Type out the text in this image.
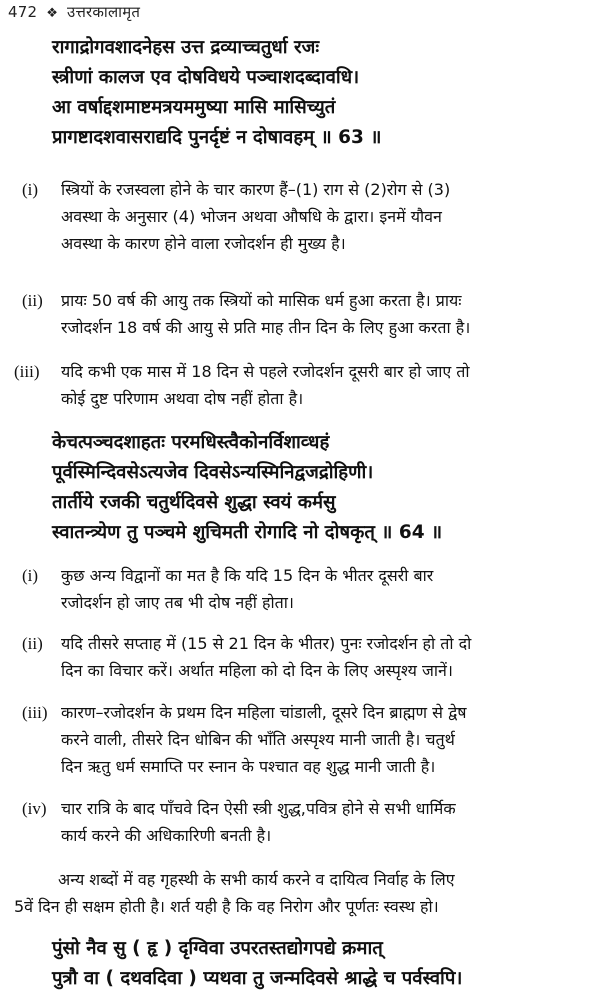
472 ❖ उत्तरकालामृत
रागाद्रोगवशादनेहस उत्त द्रव्याच्चतुर्धा रजः
स्त्रीणां कालज एव दोषविधये पञ्चाशदब्दावधि।
आ वर्षाद्दशमाष्टमत्रयममुष्या मासि मासिच्युतं
प्रागष्टादशवासराद्यदि पुनर्दृष्टं न दोषावहम् ॥ 63 ॥
(i)	स्त्रियों के रजस्वला होने के चार कारण हैं–(1) राग से (2)रोग से (3)
अवस्था के अनुसार (4) भोजन अथवा औषधि के द्वारा। इनमें यौवन
अवस्था के कारण होने वाला रजोदर्शन ही मुख्य है।
(ii)	प्रायः 50 वर्ष की आयु तक स्त्रियों को मासिक धर्म हुआ करता है। प्रायः
रजोदर्शन 18 वर्ष की आयु से प्रति माह तीन दिन के लिए हुआ करता है।
(iii)	यदि कभी एक मास में 18 दिन से पहले रजोदर्शन दूसरी बार हो जाए तो
कोई दुष्ट परिणाम अथवा दोष नहीं होता है।
केचत्पञ्चदशाहतः परमधिस्त्वैकोनर्विशाव्धहं
पूर्वस्मिन्दिवसेऽत्यजेव दिवसेऽन्यस्मिनिद्वजद्रोहिणी।
तार्तीये रजकी चतुर्थदिवसे शुद्धा स्वयं कर्मसु
स्वातन्त्र्येण तु पञ्चमे शुचिमती रोगादि नो दोषकृत् ॥ 64 ॥
(i)	कुछ अन्य विद्वानों का मत है कि यदि 15 दिन के भीतर दूसरी बार
रजोदर्शन हो जाए तब भी दोष नहीं होता।
(ii)	यदि तीसरे सप्ताह में (15 से 21 दिन के भीतर) पुनः रजोदर्शन हो तो दो
दिन का विचार करें। अर्थात महिला को दो दिन के लिए अस्पृश्य जानें।
(iii) कारण–रजोदर्शन के प्रथम दिन महिला चांडाली, दूसरे दिन ब्राह्मण से द्वेष
करने वाली, तीसरे दिन धोबिन की भाँति अस्पृश्य मानी जाती है। चतुर्थ
दिन ऋतु धर्म समाप्ति पर स्नान के पश्चात वह शुद्ध मानी जाती है।
(iv) चार रात्रि के बाद पाँचवे दिन ऐसी स्त्री शुद्ध,पवित्र होने से सभी धार्मिक
कार्य करने की अधिकारिणी बनती है।
अन्य शब्दों में वह गृहस्थी के सभी कार्य करने व दायित्व निर्वाह के लिए
5वें दिन ही सक्षम होती है। शर्त यही है कि वह निरोग और पूर्णतः स्वस्थ हो।
पुंसो नैव सु ( हृ ) दृग्विवा उपरतस्तद्योगपद्ये क्रमात्
पुत्रौ वा ( दथवदिवा ) प्यथवा तु जन्मदिवसे श्राद्धे च पर्वस्वपि।
